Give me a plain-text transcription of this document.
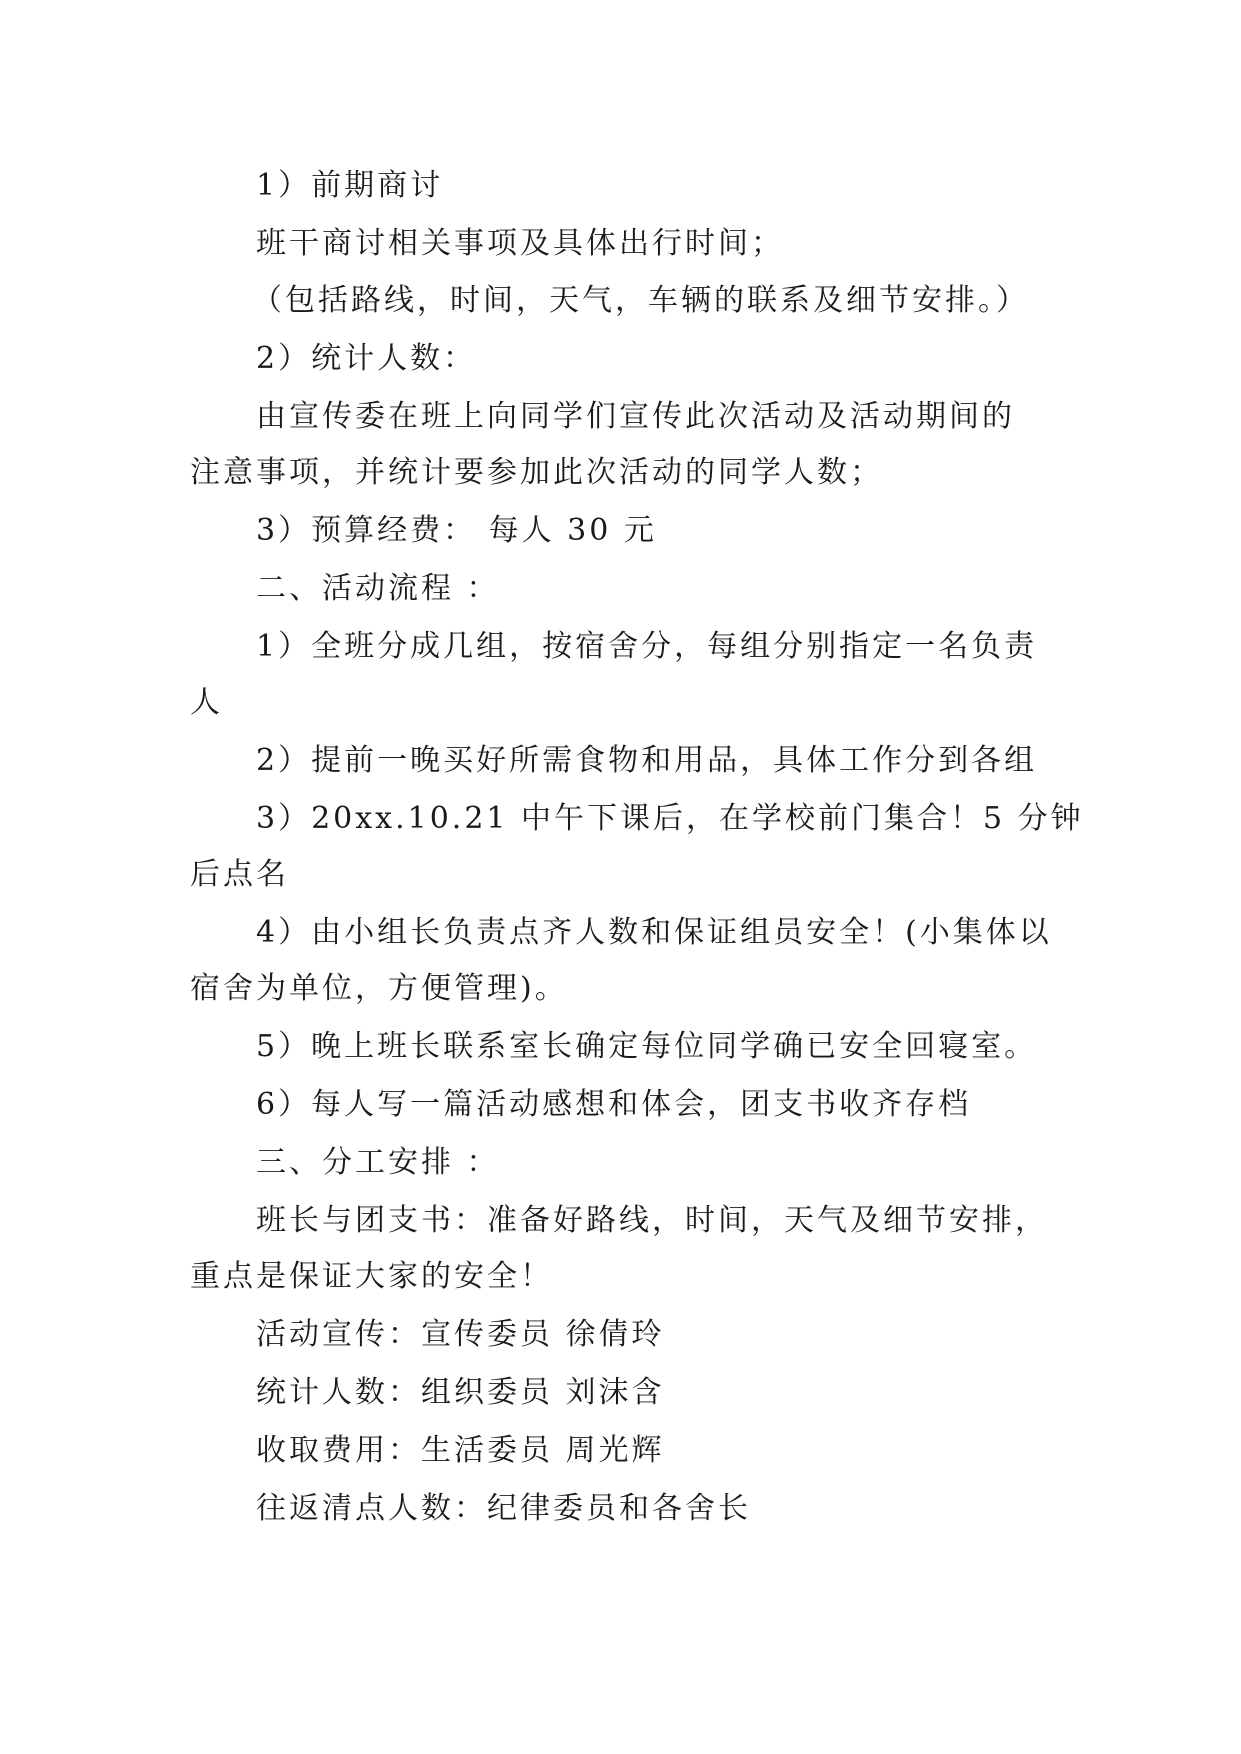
1）前期商讨
班干商讨相关事项及具体出行时间；
（包括路线，时间，天气，车辆的联系及细节安排。）
2）统计人数：
由宣传委在班上向同学们宣传此次活动及活动期间的
注意事项，并统计要参加此次活动的同学人数；
3）预算经费： 每人 30 元
二、活动流程 ：
1）全班分成几组，按宿舍分，每组分别指定一名负责
人
2）提前一晚买好所需食物和用品，具体工作分到各组
3）20xx.10.21 中午下课后，在学校前门集合！5 分钟
后点名
4）由小组长负责点齐人数和保证组员安全！(小集体以
宿舍为单位，方便管理)。
5）晚上班长联系室长确定每位同学确已安全回寝室。
6）每人写一篇活动感想和体会，团支书收齐存档
三、分工安排 ：
班长与团支书：准备好路线，时间，天气及细节安排，
重点是保证大家的安全！
活动宣传：宣传委员 徐倩玲
统计人数：组织委员 刘沫含
收取费用：生活委员 周光辉
往返清点人数：纪律委员和各舍长
